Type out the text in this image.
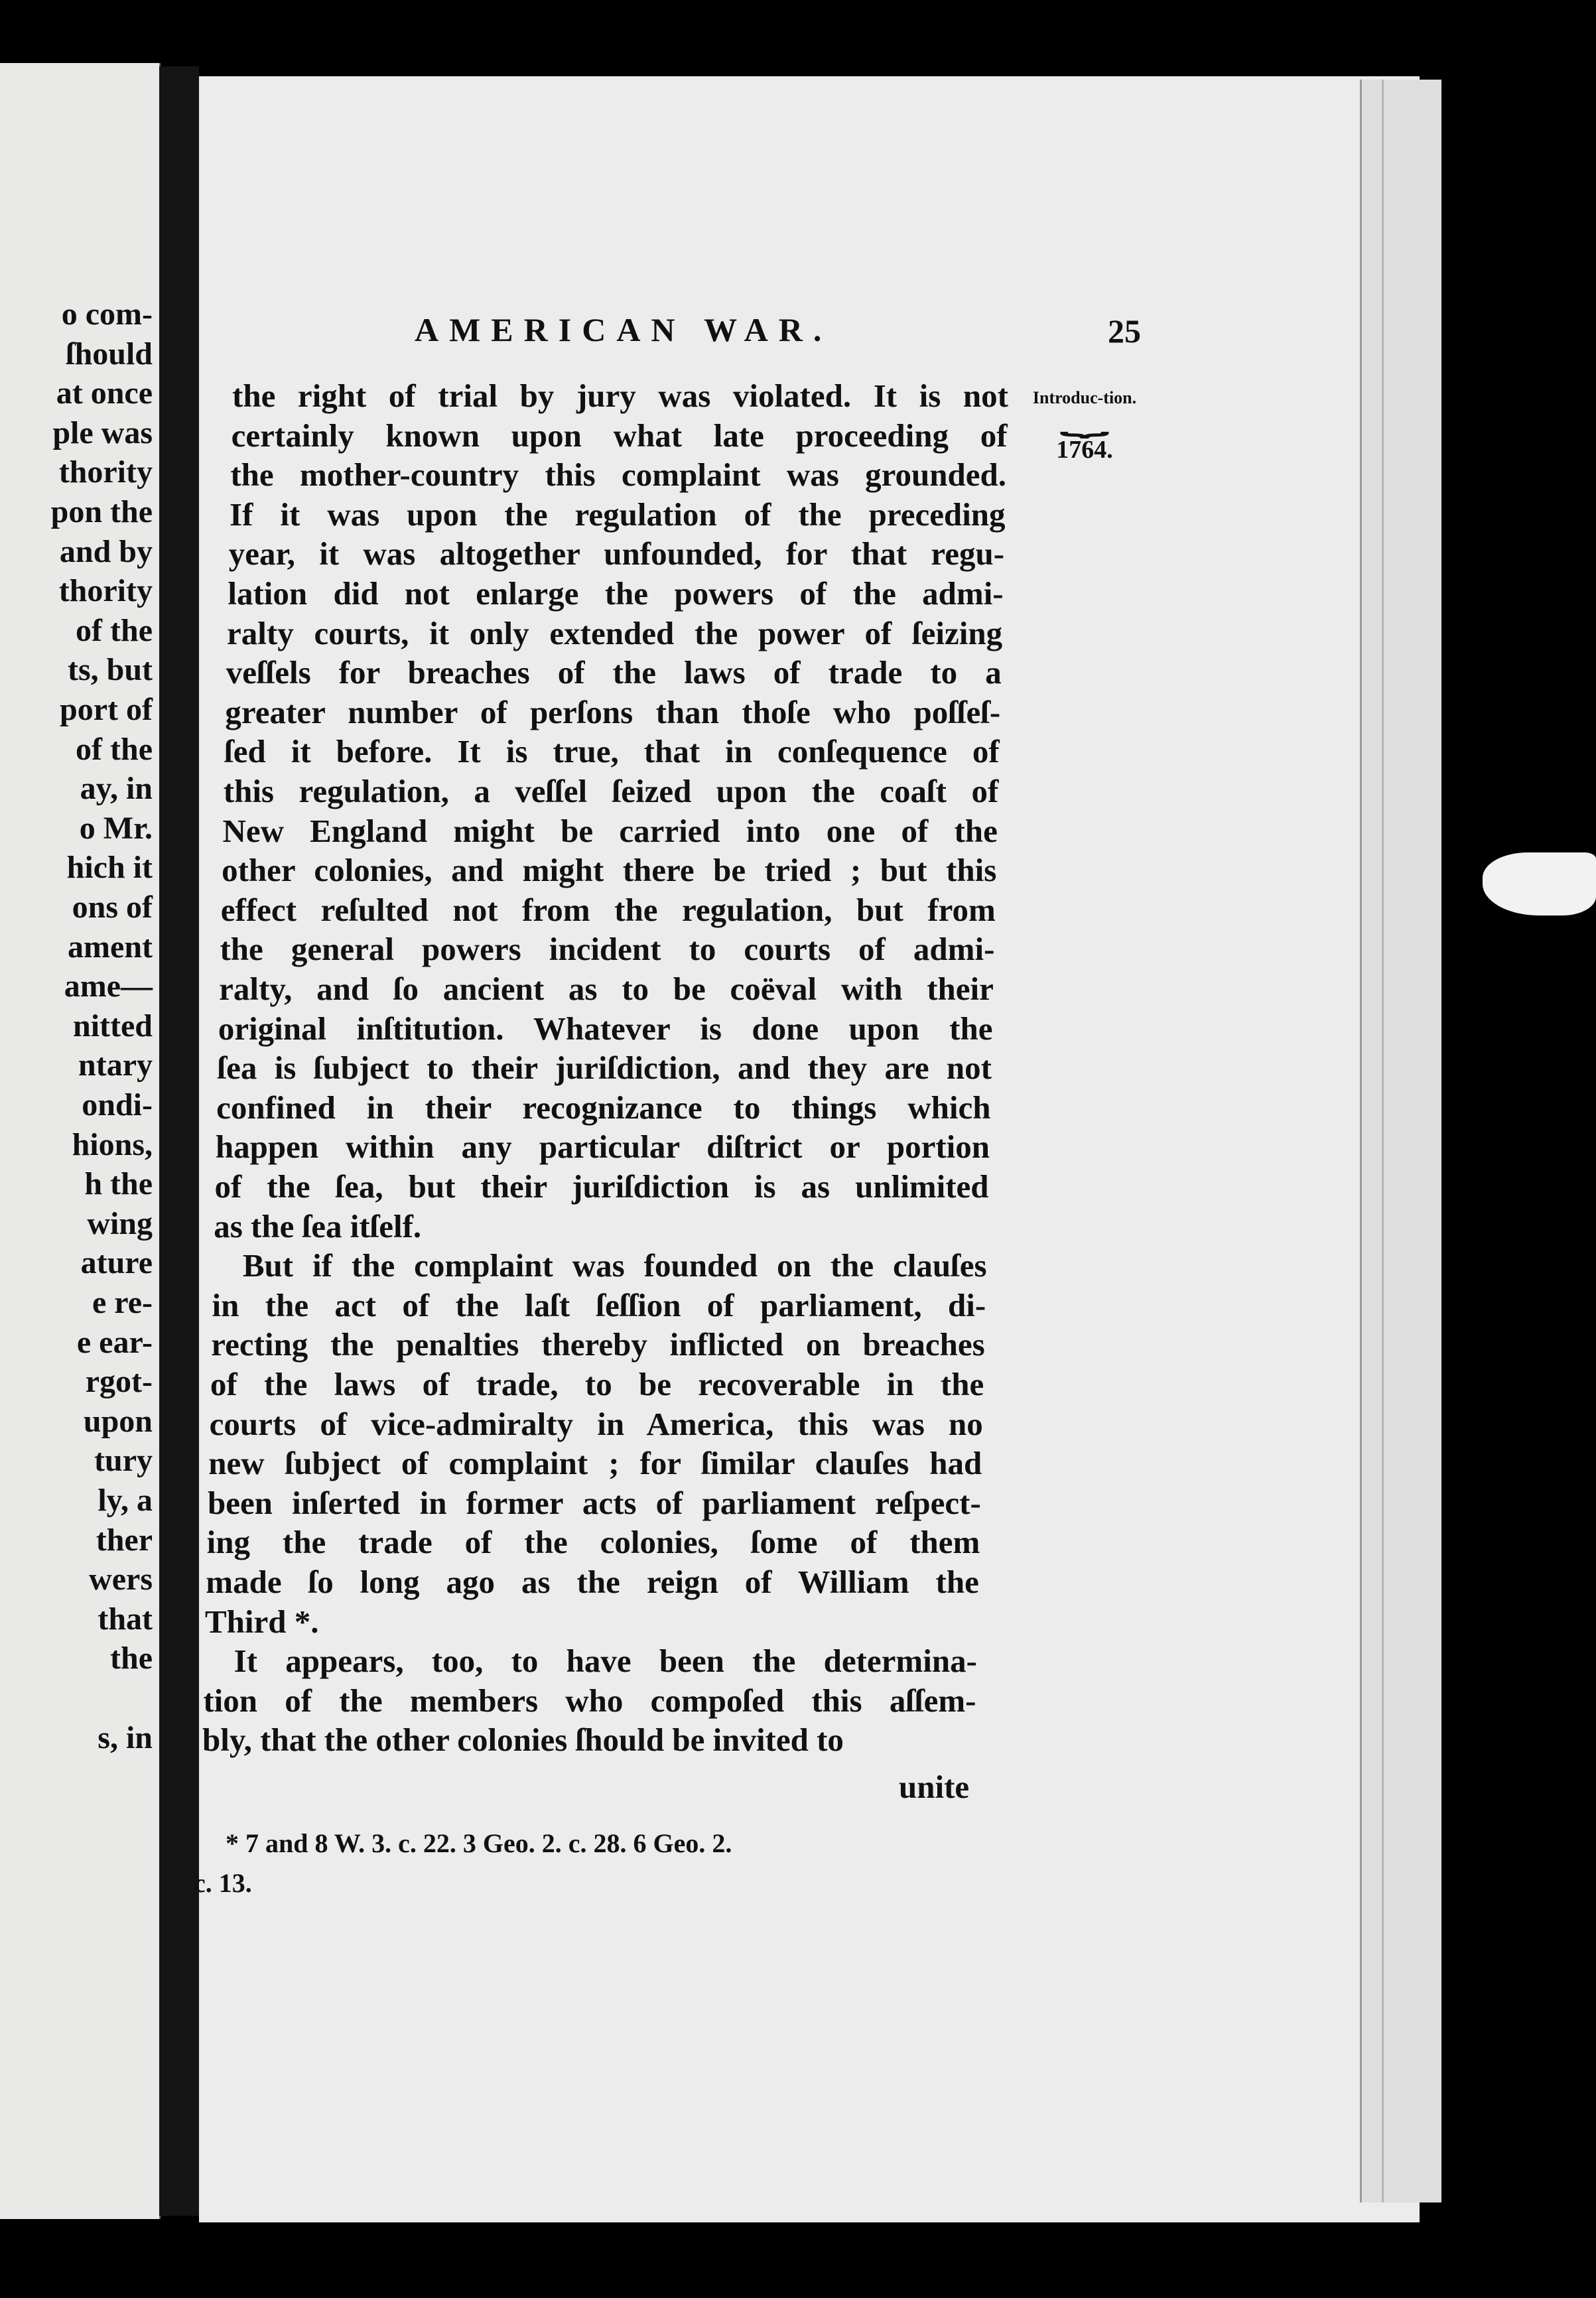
o com-
ſhould
at once
ple was
thority
pon the
and by
thority
of the
ts, but
port of
of the
ay, in
o Mr.
hich it
ons of
ament
ame—
nitted
ntary
ondi-
hions,
h the
wing
ature
e re-
e ear-
rgot-
upon
tury
ly, a
ther
wers
that
the
s, in
AMERICAN WAR.	25
Introduc-tion.
⏟
1764.
the right of trial by jury was violated. It is not
certainly known upon what late proceeding of
the mother-country this complaint was grounded.
If it was upon the regulation of the preceding
year, it was altogether unfounded, for that regu-
lation did not enlarge the powers of the admi-
ralty courts, it only extended the power of ſeizing
veſſels for breaches of the laws of trade to a
greater number of perſons than thoſe who poſſeſ-
ſed it before. It is true, that in conſequence of
this regulation, a veſſel ſeized upon the coaſt of
New England might be carried into one of the
other colonies, and might there be tried ; but this
effect reſulted not from the regulation, but from
the general powers incident to courts of admi-
ralty, and ſo ancient as to be coëval with their
original inſtitution. Whatever is done upon the
ſea is ſubject to their juriſdiction, and they are not
confined in their recognizance to things which
happen within any particular diſtrict or portion
of the ſea, but their juriſdiction is as unlimited
as the ſea itſelf.
But if the complaint was founded on the clauſes
in the act of the laſt ſeſſion of parliament, di-
recting the penalties thereby inflicted on breaches
of the laws of trade, to be recoverable in the
courts of vice-admiralty in America, this was no
new ſubject of complaint ; for ſimilar clauſes had
been inſerted in former acts of parliament reſpect-
ing the trade of the colonies, ſome of them
made ſo long ago as the reign of William the
Third *.
It appears, too, to have been the determina-
tion of the members who compoſed this aſſem-
bly, that the other colonies ſhould be invited to
unite
* 7 and 8 W. 3. c. 22. 3 Geo. 2. c. 28. 6 Geo. 2.
c. 13.
